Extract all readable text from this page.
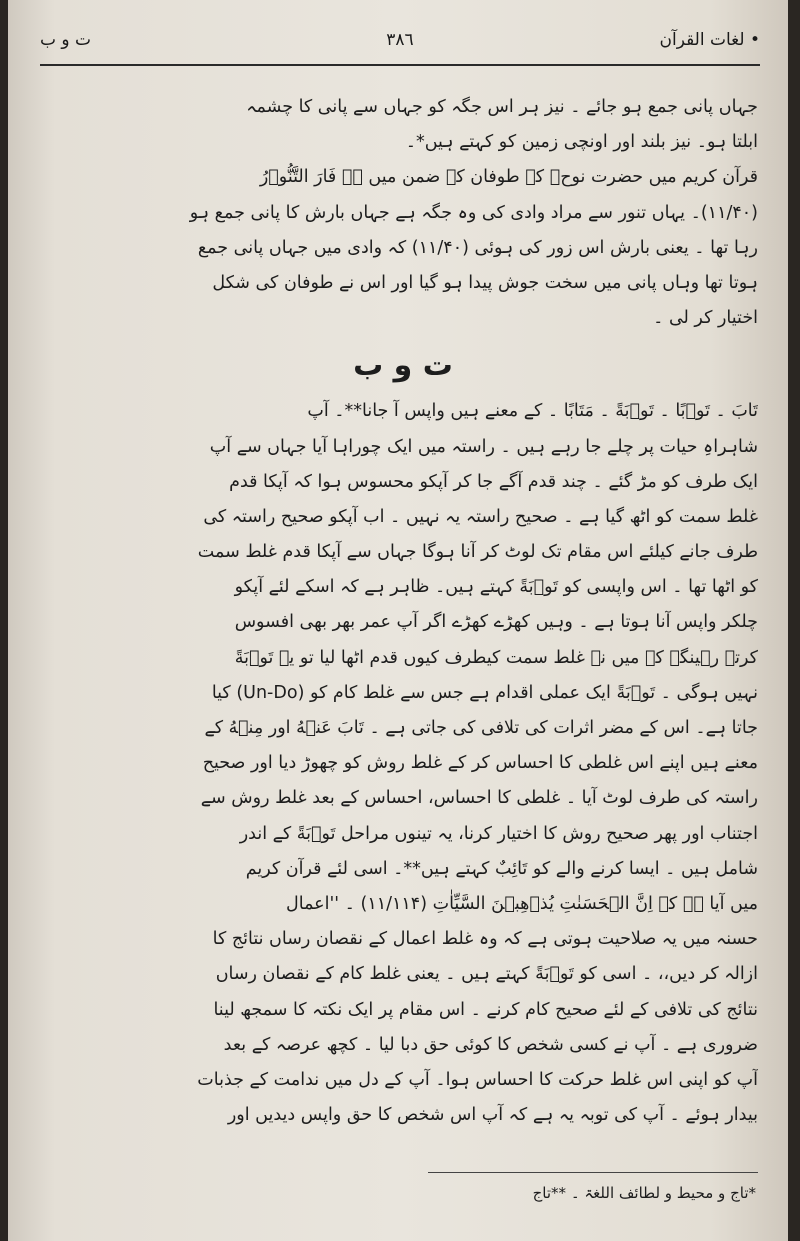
• لغات القرآن
٣٨٦
ت و ب
جہاں پانی جمع ہو جائے ۔ نیز ہر اس جگہ کو جہاں سے پانی کا چشمہ
ابلتا ہو۔ نیز بلند اور اونچی زمین کو کہتے ہیں*۔
قرآن کریم میں حضرت نوحؑ کے طوفان کے ضمن میں ہے فَارَ التَّنُّوۡرُ
(۱۱/۴۰)۔ یہاں تنور سے مراد وادی کی وہ جگہ ہے جہاں بارش کا پانی جمع ہو
رہا تھا ۔ یعنی بارش اس زور کی ہوئی (۱۱/۴۰) کہ وادی میں جہاں پانی جمع
ہوتا تھا وہاں پانی میں سخت جوش پیدا ہو گیا اور اس نے طوفان کی شکل
اختیار کر لی ۔
ت و ب
تَابَ ۔ تَوۡبًا ۔ تَوۡبَةً ۔ مَتَابًا ۔ کے معنے ہیں واپس آ جانا**۔ آپ
شاہراہِ حیات پر چلے جا رہے ہیں ۔ راستہ میں ایک چوراہا آیا جہاں سے آپ
ایک طرف کو مڑ گئے ۔ چند قدم آگے جا کر آپکو محسوس ہوا کہ آپکا قدم
غلط سمت کو اٹھ گیا ہے ۔ صحیح راستہ یہ نہیں ۔ اب آپکو صحیح راستہ کی
طرف جانے کیلئے اس مقام تک لوٹ کر آنا ہوگا جہاں سے آپکا قدم غلط سمت
کو اٹھا تھا ۔ اس واپسی کو تَوۡبَةً کہتے ہیں۔ ظاہر ہے کہ اسکے لئے آپکو
چلکر واپس آنا ہوتا ہے ۔ وہیں کھڑے کھڑے اگر آپ عمر بھر بھی افسوس
کرتے رہینگے کہ میں نے غلط سمت کیطرف کیوں قدم اٹھا لیا تو یہ تَوۡبَةً
نہیں ہوگی ۔ تَوۡبَةً ایک عملی اقدام ہے جس سے غلط کام کو (Un-Do) کیا
جاتا ہے۔ اس کے مضر اثرات کی تلافی کی جاتی ہے ۔ تَابَ عَنۡهُ اور مِنۡهُ کے
معنے ہیں اپنے اس غلطی کا احساس کر کے غلط روش کو چھوڑ دیا اور صحیح
راستہ کی طرف لوٹ آیا ۔ غلطی کا احساس، احساس کے بعد غلط روش سے
اجتناب اور پھر صحیح روش کا اختیار کرنا، یہ تینوں مراحل تَوۡبَةً کے اندر
شامل ہیں ۔ ایسا کرنے والے کو تَائِبٌ کہتے ہیں**۔ اسی لئے قرآن کریم
میں آیا ہے کہ اِنَّ الۡحَسَنٰتِ یُذۡهِبۡنَ السَّیِّاٰتِ (۱۱/۱۱۴) ۔ ''اعمال
حسنہ میں یہ صلاحیت ہوتی ہے کہ وہ غلط اعمال کے نقصان رساں نتائج کا
ازالہ کر دیں،، ۔ اسی کو تَوۡبَةً کہتے ہیں ۔ یعنی غلط کام کے نقصان رساں
نتائج کی تلافی کے لئے صحیح کام کرنے ۔ اس مقام پر ایک نکتہ کا سمجھ لینا
ضروری ہے ۔ آپ نے کسی شخص کا کوئی حق دبا لیا ۔ کچھ عرصہ کے بعد
آپ کو اپنی اس غلط حرکت کا احساس ہوا۔ آپ کے دل میں ندامت کے جذبات
بیدار ہوئے ۔ آپ کی توبہ یہ ہے کہ آپ اس شخص کا حق واپس دیدیں اور
*تاج و محیط و لطائف اللغۃ ۔ **تاج
